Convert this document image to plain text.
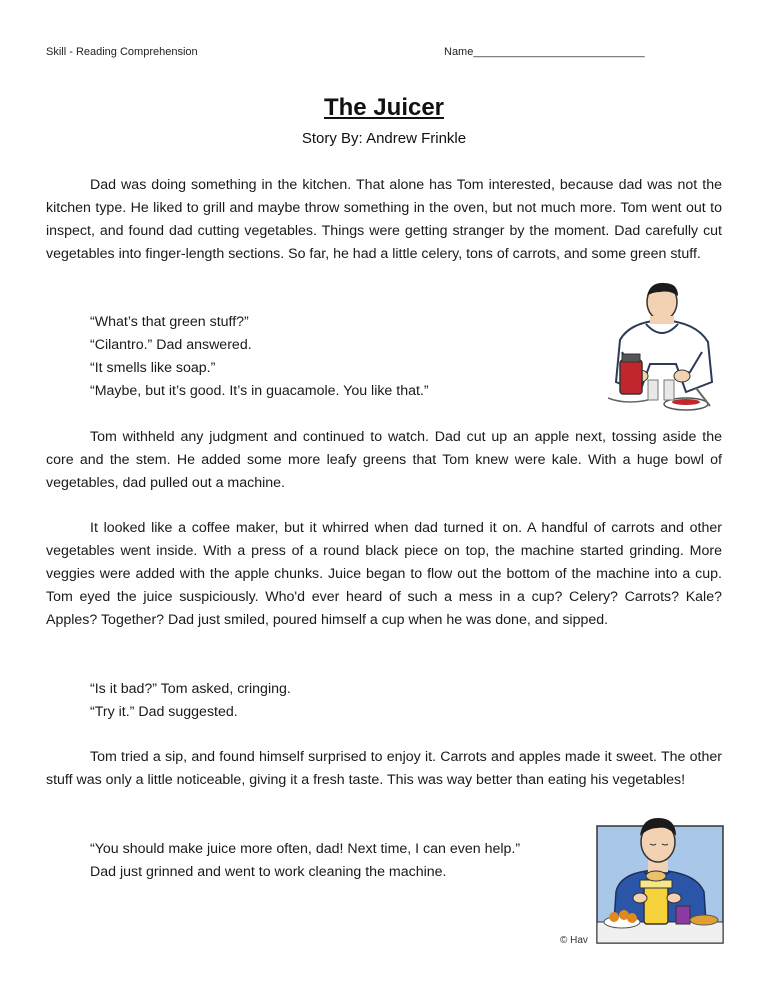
Skill - Reading Comprehension	Name____________________________
The Juicer
Story By: Andrew Frinkle

Dad was doing something in the kitchen. That alone has Tom interested, because dad was not the kitchen type. He liked to grill and maybe throw something in the oven, but not much more. Tom went out to inspect, and found dad cutting vegetables. Things were getting stranger by the moment. Dad carefully cut vegetables into finger-length sections. So far, he had a little celery, tons of carrots, and some green stuff.

“What’s that green stuff?”
“Cilantro.” Dad answered.
“It smells like soap.”
“Maybe, but it’s good. It’s in guacamole. You like that.”

Tom withheld any judgment and continued to watch. Dad cut up an apple next, tossing aside the core and the stem. He added some more leafy greens that Tom knew were kale. With a huge bowl of vegetables, dad pulled out a machine.

It looked like a coffee maker, but it whirred when dad turned it on. A handful of carrots and other vegetables went inside. With a press of a round black piece on top, the machine started grinding. More veggies were added with the apple chunks. Juice began to flow out the bottom of the machine into a cup. Tom eyed the juice suspiciously. Who'd ever heard of such a mess in a cup? Celery? Carrots? Kale? Apples? Together? Dad just smiled, poured himself a cup when he was done, and sipped.

“Is it bad?” Tom asked, cringing.
“Try it.” Dad suggested.

Tom tried a sip, and found himself surprised to enjoy it. Carrots and apples made it sweet. The other stuff was only a little noticeable, giving it a fresh taste. This was way better than eating his vegetables!

“You should make juice more often, dad! Next time, I can even help.”
Dad just grinned and went to work cleaning the machine.
© Hav
